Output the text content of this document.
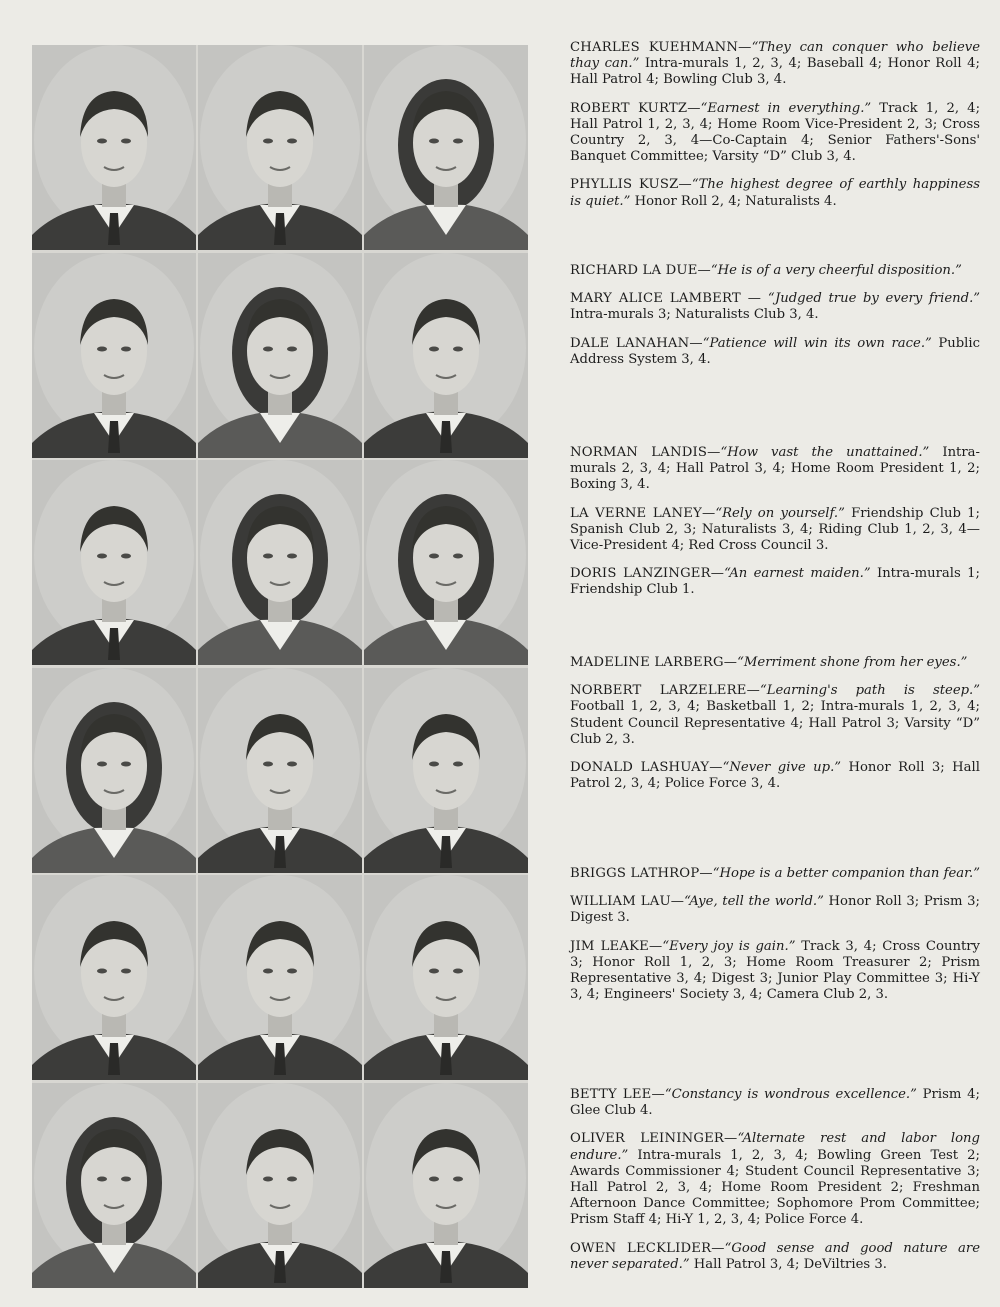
CHARLES KUEHMANN—“They can conquer who believe thay can.” Intra-murals 1, 2, 3, 4; Baseball 4; Honor Roll 4; Hall Patrol 4; Bowling Club 3, 4.

ROBERT KURTZ—“Earnest in everything.” Track 1, 2, 4; Hall Patrol 1, 2, 3, 4; Home Room Vice-President 2, 3; Cross Country 2, 3, 4—Co-Captain 4; Senior Fathers'-Sons' Banquet Committee; Varsity “D” Club 3, 4.

PHYLLIS KUSZ—“The highest degree of earthly happiness is quiet.” Honor Roll 2, 4; Naturalists 4.

RICHARD LA DUE—“He is of a very cheerful disposition.”

MARY ALICE LAMBERT — “Judged true by every friend.” Intra-murals 3; Naturalists Club 3, 4.

DALE LANAHAN—“Patience will win its own race.” Public Address System 3, 4.

NORMAN LANDIS—“How vast the unattained.” Intra-murals 2, 3, 4; Hall Patrol 3, 4; Home Room President 1, 2; Boxing 3, 4.

LA VERNE LANEY—“Rely on yourself.” Friendship Club 1; Spanish Club 2, 3; Naturalists 3, 4; Riding Club 1, 2, 3, 4—Vice-President 4; Red Cross Council 3.

DORIS LANZINGER—“An earnest maiden.” Intra-murals 1; Friendship Club 1.

MADELINE LARBERG—“Merriment shone from her eyes.”

NORBERT LARZELERE—“Learning's path is steep.” Football 1, 2, 3, 4; Basketball 1, 2; Intra-murals 1, 2, 3, 4; Student Council Representative 4; Hall Patrol 3; Varsity “D” Club 2, 3.

DONALD LASHUAY—“Never give up.” Honor Roll 3; Hall Patrol 2, 3, 4; Police Force 3, 4.

BRIGGS LATHROP—“Hope is a better companion than fear.”

WILLIAM LAU—“Aye, tell the world.” Honor Roll 3; Prism 3; Digest 3.

JIM LEAKE—“Every joy is gain.” Track 3, 4; Cross Country 3; Honor Roll 1, 2, 3; Home Room Treasurer 2; Prism Representative 3, 4; Digest 3; Junior Play Committee 3; Hi-Y 3, 4; Engineers' Society 3, 4; Camera Club 2, 3.

BETTY LEE—“Constancy is wondrous excellence.” Prism 4; Glee Club 4.

OLIVER LEININGER—“Alternate rest and labor long endure.” Intra-murals 1, 2, 3, 4; Bowling Green Test 2; Awards Commissioner 4; Student Council Representative 3; Hall Patrol 2, 3, 4; Home Room President 2; Freshman Afternoon Dance Committee; Sophomore Prom Committee; Prism Staff 4; Hi-Y 1, 2, 3, 4; Police Force 4.

OWEN LECKLIDER—“Good sense and good nature are never separated.” Hall Patrol 3, 4; DeViltries 3.
